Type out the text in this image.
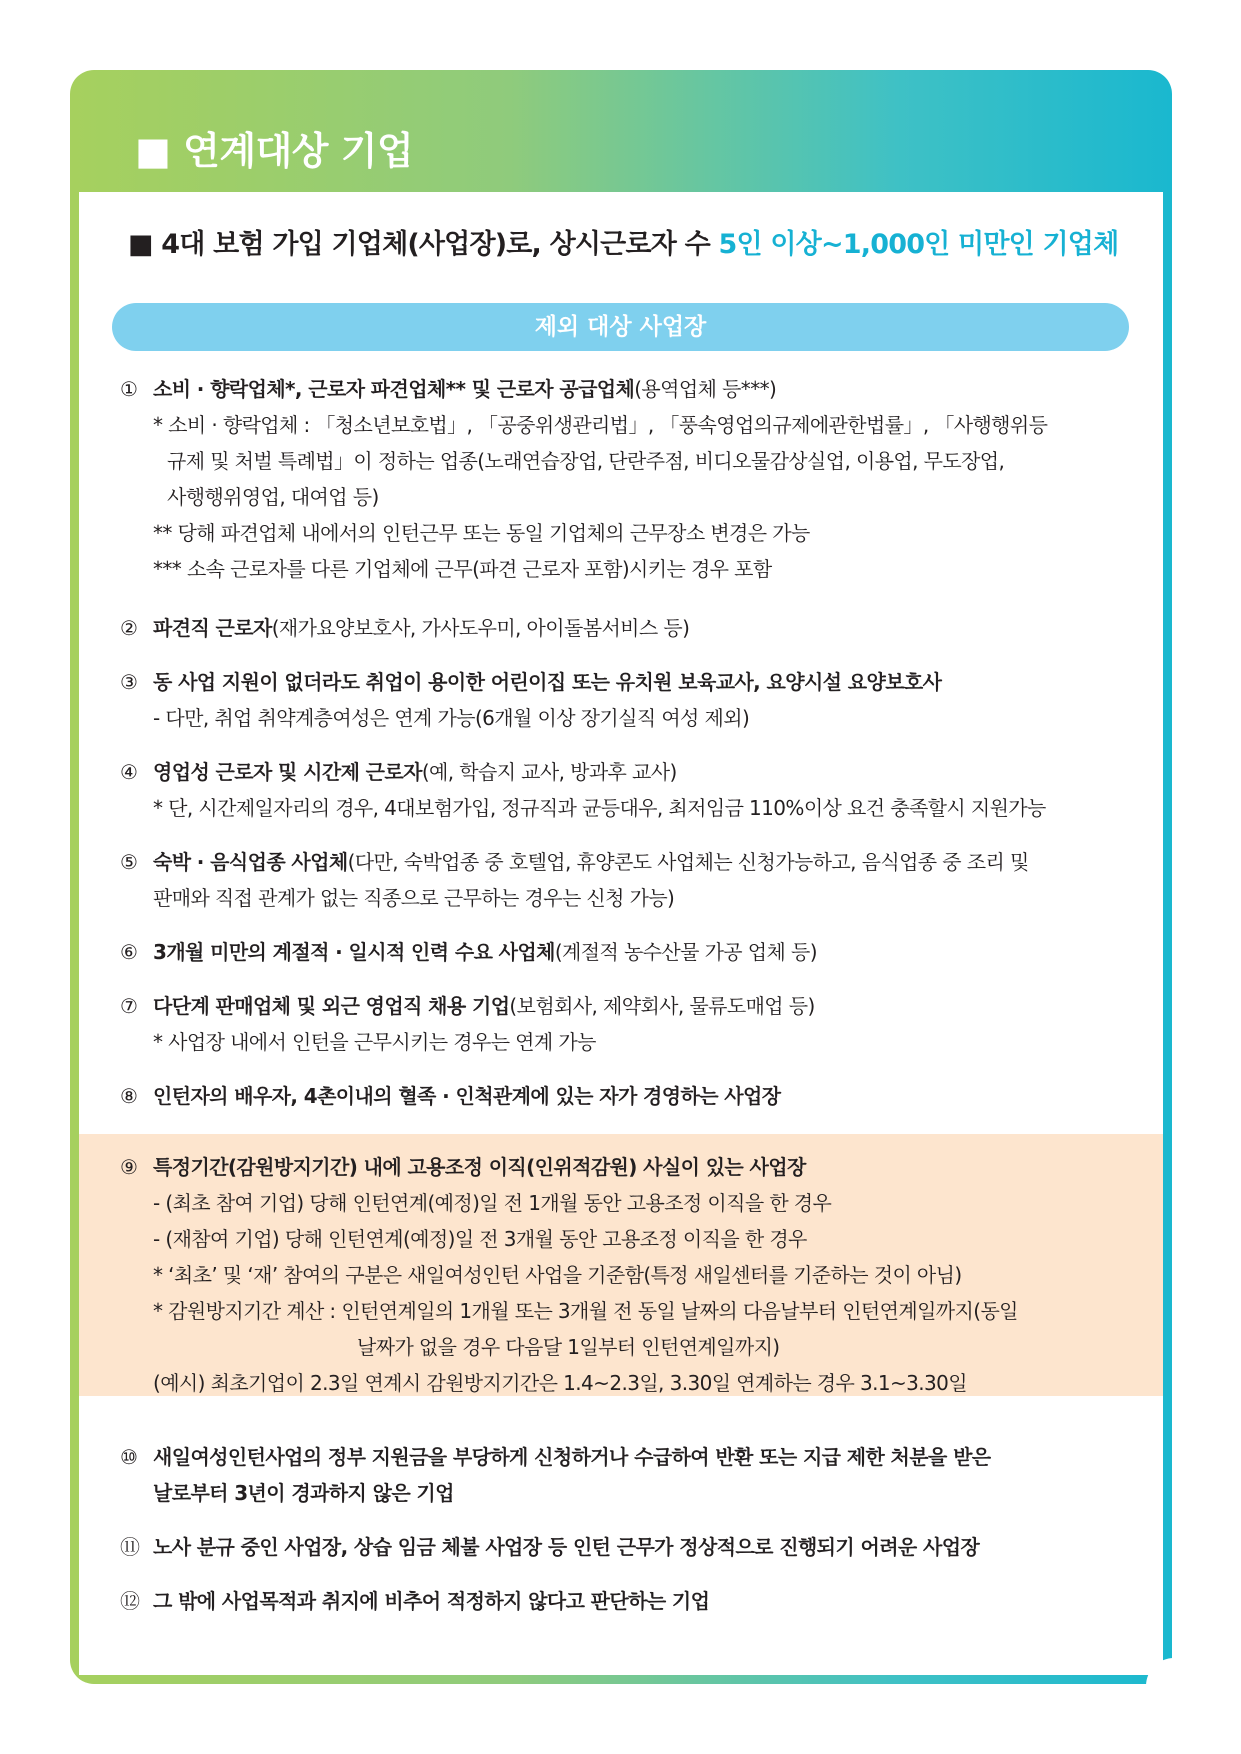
■ 연계대상 기업
■ 4대 보험 가입 기업체(사업장)로, 상시근로자 수 5인 이상~1,000인 미만인 기업체
제외 대상 사업장
① 소비 · 향락업체*, 근로자 파견업체** 및 근로자 공급업체(용역업체 등***)
* 소비 · 향락업체 : 「청소년보호법」, 「공중위생관리법」, 「풍속영업의규제에관한법률」, 「사행행위등
규제 및 처벌 특례법」이 정하는 업종(노래연습장업, 단란주점, 비디오물감상실업, 이용업, 무도장업,
사행행위영업, 대여업 등)
** 당해 파견업체 내에서의 인턴근무 또는 동일 기업체의 근무장소 변경은 가능
*** 소속 근로자를 다른 기업체에 근무(파견 근로자 포함)시키는 경우 포함
② 파견직 근로자(재가요양보호사, 가사도우미, 아이돌봄서비스 등)
③ 동 사업 지원이 없더라도 취업이 용이한 어린이집 또는 유치원 보육교사, 요양시설 요양보호사
- 다만, 취업 취약계층여성은 연계 가능(6개월 이상 장기실직 여성 제외)
④ 영업성 근로자 및 시간제 근로자(예, 학습지 교사, 방과후 교사)
* 단, 시간제일자리의 경우, 4대보험가입, 정규직과 균등대우, 최저임금 110%이상 요건 충족할시 지원가능
⑤ 숙박 · 음식업종 사업체(다만, 숙박업종 중 호텔업, 휴양콘도 사업체는 신청가능하고, 음식업종 중 조리 및
판매와 직접 관계가 없는 직종으로 근무하는 경우는 신청 가능)
⑥ 3개월 미만의 계절적 · 일시적 인력 수요 사업체(계절적 농수산물 가공 업체 등)
⑦ 다단계 판매업체 및 외근 영업직 채용 기업(보험회사, 제약회사, 물류도매업 등)
* 사업장 내에서 인턴을 근무시키는 경우는 연계 가능
⑧ 인턴자의 배우자, 4촌이내의 혈족 · 인척관계에 있는 자가 경영하는 사업장
⑨ 특정기간(감원방지기간) 내에 고용조정 이직(인위적감원) 사실이 있는 사업장
- (최초 참여 기업) 당해 인턴연계(예정)일 전 1개월 동안 고용조정 이직을 한 경우
- (재참여 기업) 당해 인턴연계(예정)일 전 3개월 동안 고용조정 이직을 한 경우
* ‘최초’ 및 ‘재’ 참여의 구분은 새일여성인턴 사업을 기준함(특정 새일센터를 기준하는 것이 아님)
* 감원방지기간 계산 : 인턴연계일의 1개월 또는 3개월 전 동일 날짜의 다음날부터 인턴연계일까지(동일
날짜가 없을 경우 다음달 1일부터 인턴연계일까지)
(예시) 최초기업이 2.3일 연계시 감원방지기간은 1.4~2.3일, 3.30일 연계하는 경우 3.1~3.30일
⑩ 새일여성인턴사업의 정부 지원금을 부당하게 신청하거나 수급하여 반환 또는 지급 제한 처분을 받은
날로부터 3년이 경과하지 않은 기업
⑪ 노사 분규 중인 사업장, 상습 임금 체불 사업장 등 인턴 근무가 정상적으로 진행되기 어려운 사업장
⑫ 그 밖에 사업목적과 취지에 비추어 적정하지 않다고 판단하는 기업
